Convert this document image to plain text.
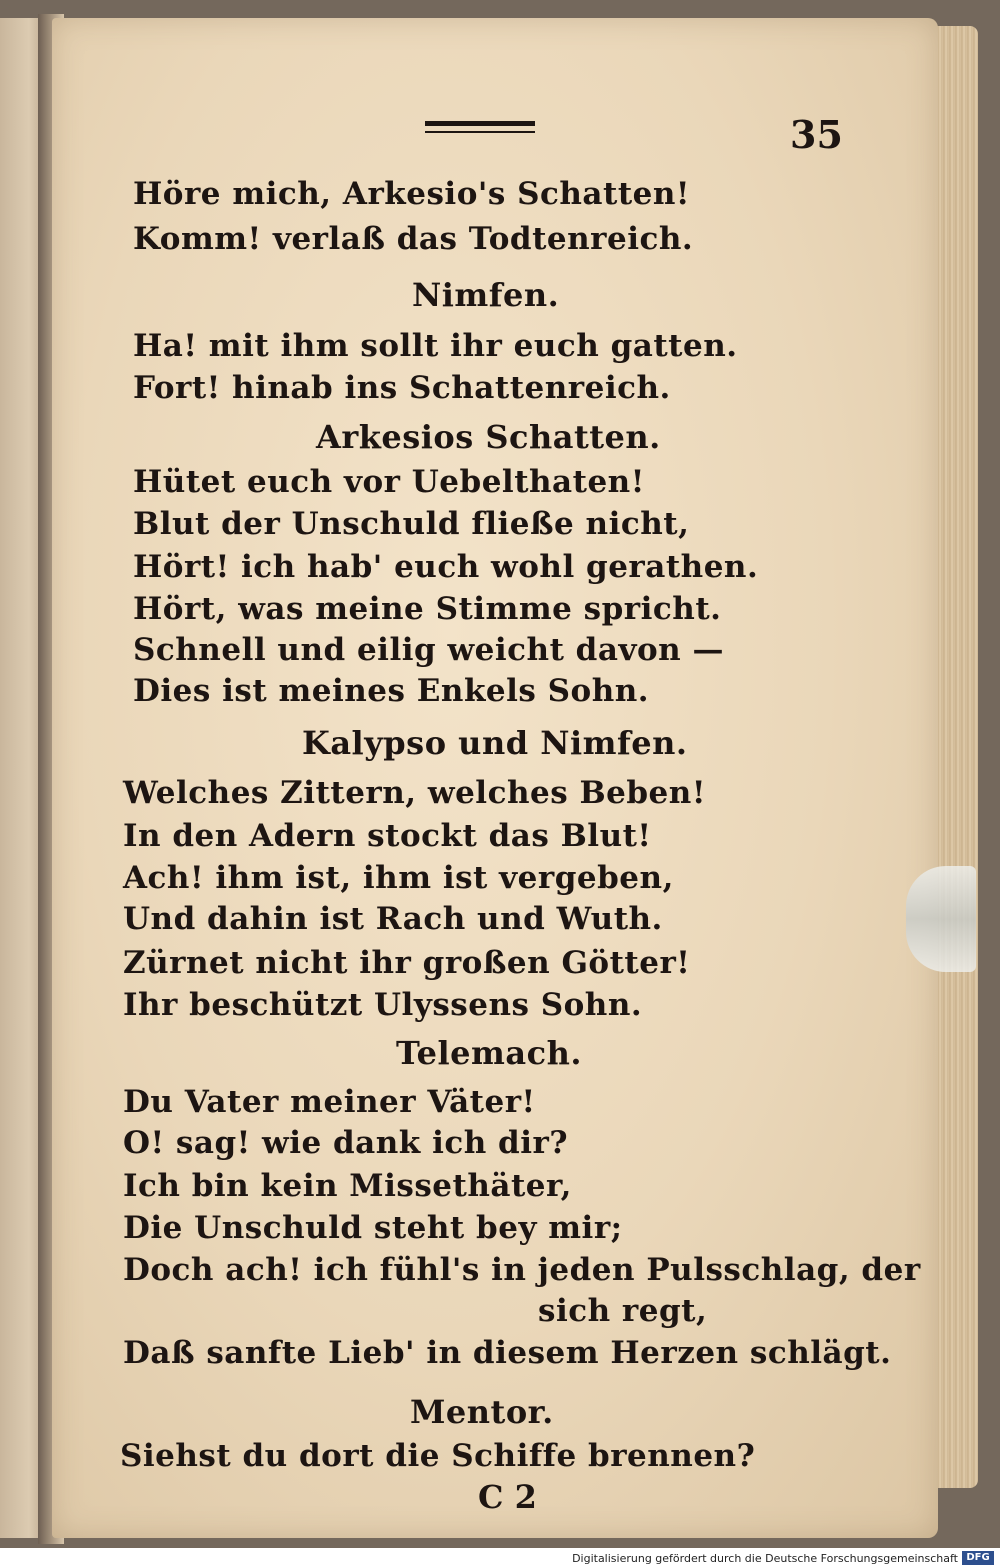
35
Höre mich, Arkesio's Schatten!
Komm! verlaß das Todtenreich.
Nimfen.
Ha! mit ihm sollt ihr euch gatten.
Fort! hinab ins Schattenreich.
Arkesios Schatten.
Hütet euch vor Uebelthaten!
Blut der Unschuld fließe nicht,
Hört! ich hab' euch wohl gerathen.
Hört, was meine Stimme spricht.
Schnell und eilig weicht davon —
Dies ist meines Enkels Sohn.
Kalypso und Nimfen.
Welches Zittern, welches Beben!
In den Adern stockt das Blut!
Ach! ihm ist, ihm ist vergeben,
Und dahin ist Rach und Wuth.
Zürnet nicht ihr großen Götter!
Ihr beschützt Ulyssens Sohn.
Telemach.
Du Vater meiner Väter!
O! sag! wie dank ich dir?
Ich bin kein Missethäter,
Die Unschuld steht bey mir;
Doch ach! ich fühl's in jeden Pulsschlag, der
sich regt,
Daß sanfte Lieb' in diesem Herzen schlägt.
Mentor.
Siehst du dort die Schiffe brennen?
C 2
Digitalisierung gefördert durch die Deutsche Forschungsgemeinschaft DFG
